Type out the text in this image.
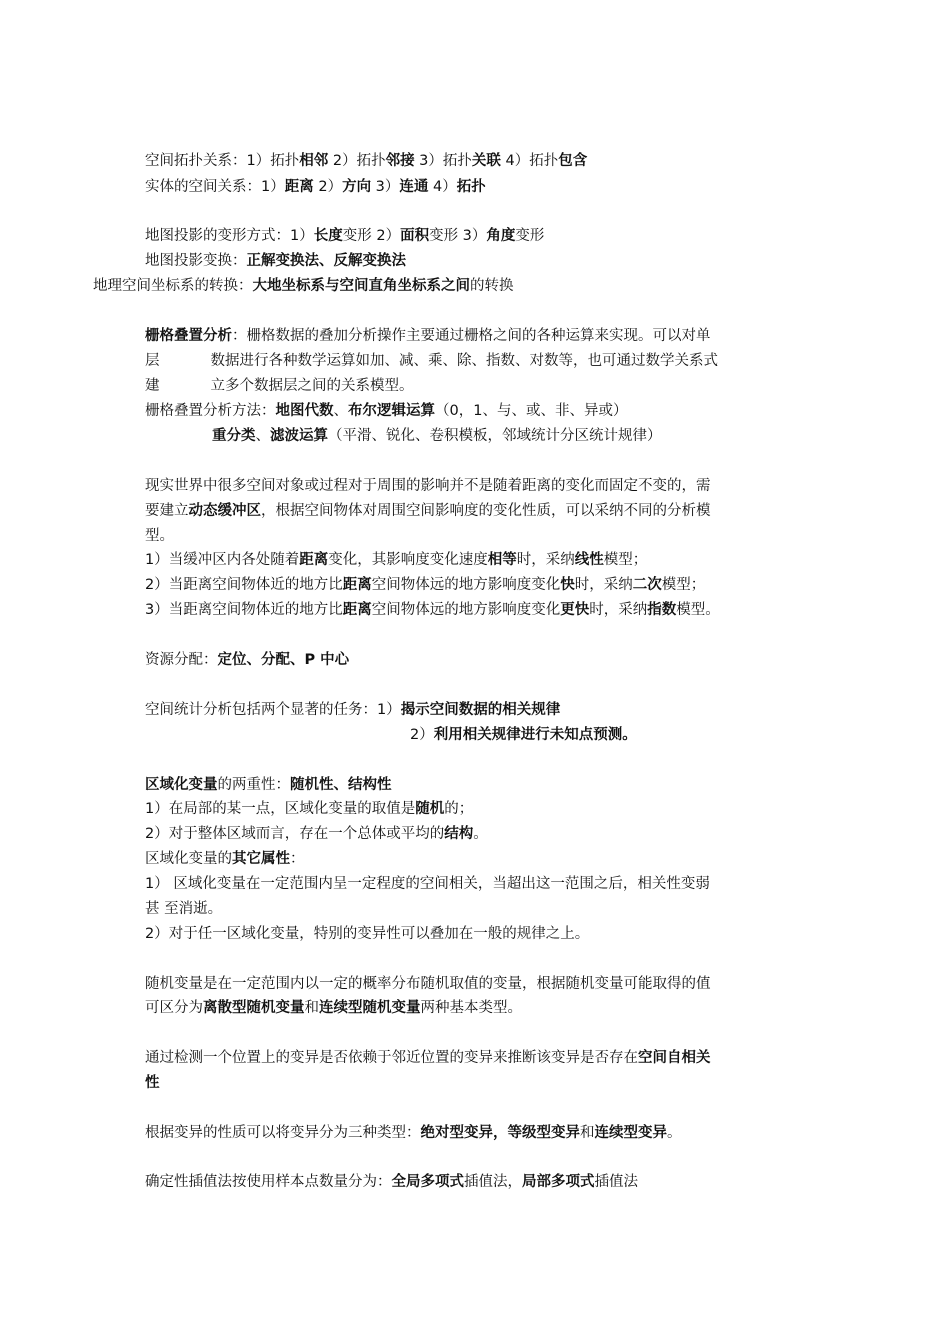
空间拓扑关系：1）拓扑相邻 2）拓扑邻接 3）拓扑关联 4）拓扑包含
实体的空间关系：1）距离 2）方向 3）连通 4）拓扑
地图投影的变形方式：1）长度变形 2）面积变形 3）角度变形
地图投影变换：正解变换法、反解变换法
地理空间坐标系的转换：大地坐标系与空间直角坐标系之间的转换
栅格叠置分析：栅格数据的叠加分析操作主要通过栅格之间的各种运算来实现。可以对单
层	数据进行各种数学运算如加、减、乘、除、指数、对数等，也可通过数学关系式
建	立多个数据层之间的关系模型。
栅格叠置分析方法：地图代数、布尔逻辑运算（0，1、与、或、非、异或）
重分类、滤波运算（平滑、锐化、卷积模板，邻域统计分区统计规律）
现实世界中很多空间对象或过程对于周围的影响并不是随着距离的变化而固定不变的，需
要建立动态缓冲区，根据空间物体对周围空间影响度的变化性质，可以采纳不同的分析模
型。
1）当缓冲区内各处随着距离变化，其影响度变化速度相等时，采纳线性模型；
2）当距离空间物体近的地方比距离空间物体远的地方影响度变化快时，采纳二次模型；
3）当距离空间物体近的地方比距离空间物体远的地方影响度变化更快时，采纳指数模型。
资源分配：定位、分配、P 中心
空间统计分析包括两个显著的任务：1）揭示空间数据的相关规律
2）利用相关规律进行未知点预测。
区域化变量的两重性：随机性、结构性
1）在局部的某一点，区域化变量的取值是随机的；
2）对于整体区域而言，存在一个总体或平均的结构。
区域化变量的其它属性：
1） 区域化变量在一定范围内呈一定程度的空间相关，当超出这一范围之后，相关性变弱
甚 至消逝。
2）对于任一区域化变量，特别的变异性可以叠加在一般的规律之上。
随机变量是在一定范围内以一定的概率分布随机取值的变量，根据随机变量可能取得的值
可区分为离散型随机变量和连续型随机变量两种基本类型。
通过检测一个位置上的变异是否依赖于邻近位置的变异来推断该变异是否存在空间自相关
性
根据变异的性质可以将变异分为三种类型：绝对型变异，等级型变异和连续型变异。
确定性插值法按使用样本点数量分为：全局多项式插值法，局部多项式插值法
